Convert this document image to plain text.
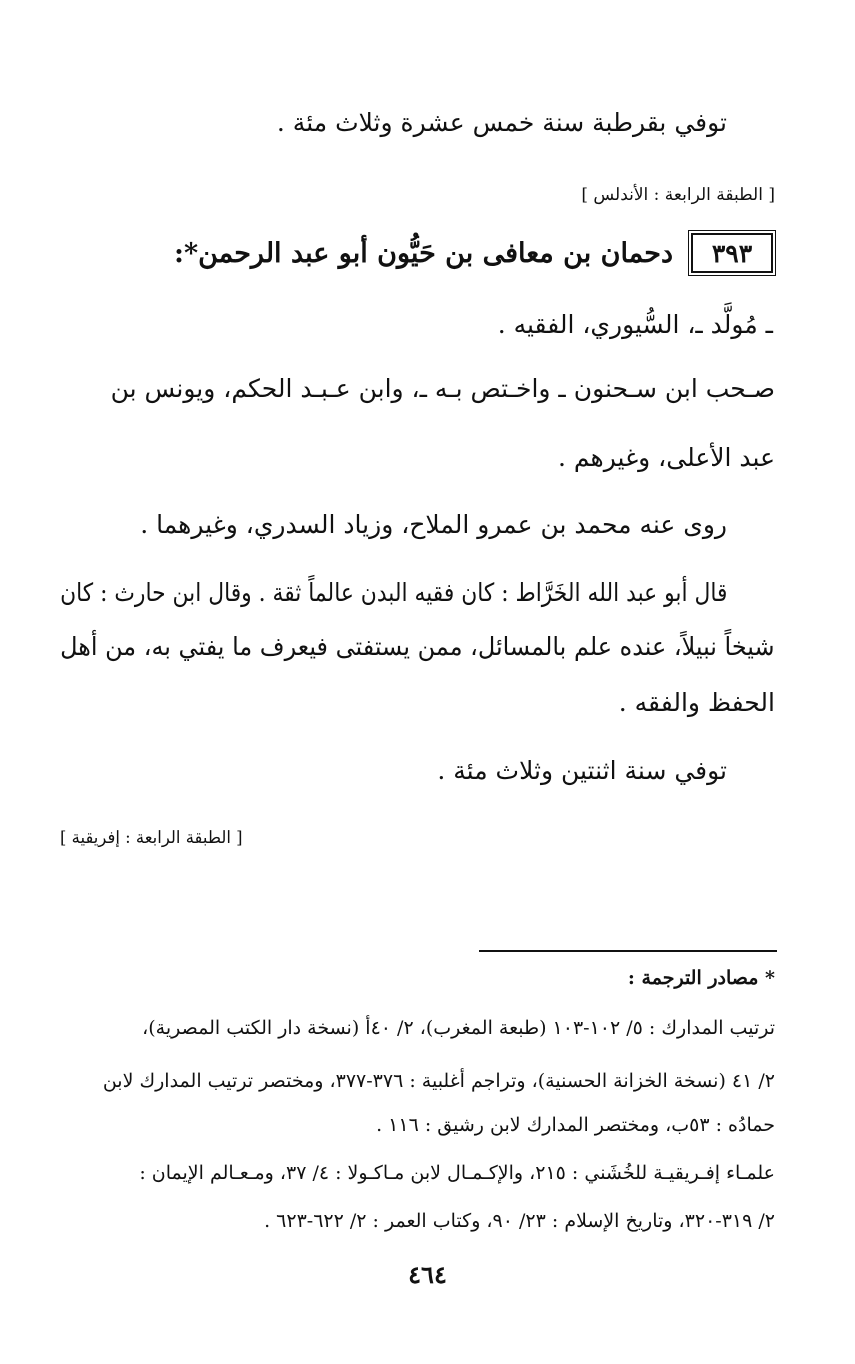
توفي بقرطبة سنة خمس عشرة وثلاث مئة .
[ الطبقة الرابعة : الأندلس ]
٣٩٣
دحمان بن معافى بن حَيُّون أبو عبد الرحمن*:
ـ مُولَّد ـ، السُّيوري، الفقيه .
صـحب ابن سـحنون ـ واخـتص بـه ـ، وابن عـبـد الحكم، ويونس بن
عبد الأعلى، وغيرهم .
روى عنه محمد بن عمرو الملاح، وزياد السدري، وغيرهما .
قال أبو عبد الله الخَرَّاط : كان فقيه البدن عالماً ثقة . وقال ابن حارث : كان
شيخاً نبيلاً، عنده علم بالمسائل، ممن يستفتى فيعرف ما يفتي به، من أهل
الحفظ والفقه .
توفي سنة اثنتين وثلاث مئة .
[ الطبقة الرابعة : إفريقية ]
* مصادر الترجمة :
ترتيب المدارك : ٥/ ١٠٢-١٠٣ (طبعة المغرب)، ٢/ ٤٠أ (نسخة دار الكتب المصرية)،
٢/ ٤١ (نسخة الخزانة الحسنية)، وتراجم أغلبية : ٣٧٦-٣٧٧، ومختصر ترتيب المدارك لابن
حمادُه : ٥٣ب، ومختصر المدارك لابن رشيق : ١١٦ .
علمـاء إفـريقيـة للخُشَني : ٢١٥، والإكـمـال لابن مـاكـولا : ٤/ ٣٧، ومـعـالم الإيمان :
٢/ ٣١٩-٣٢٠، وتاريخ الإسلام : ٢٣/ ٩٠، وكتاب العمر : ٢/ ٦٢٢-٦٢٣ .
٤٦٤
